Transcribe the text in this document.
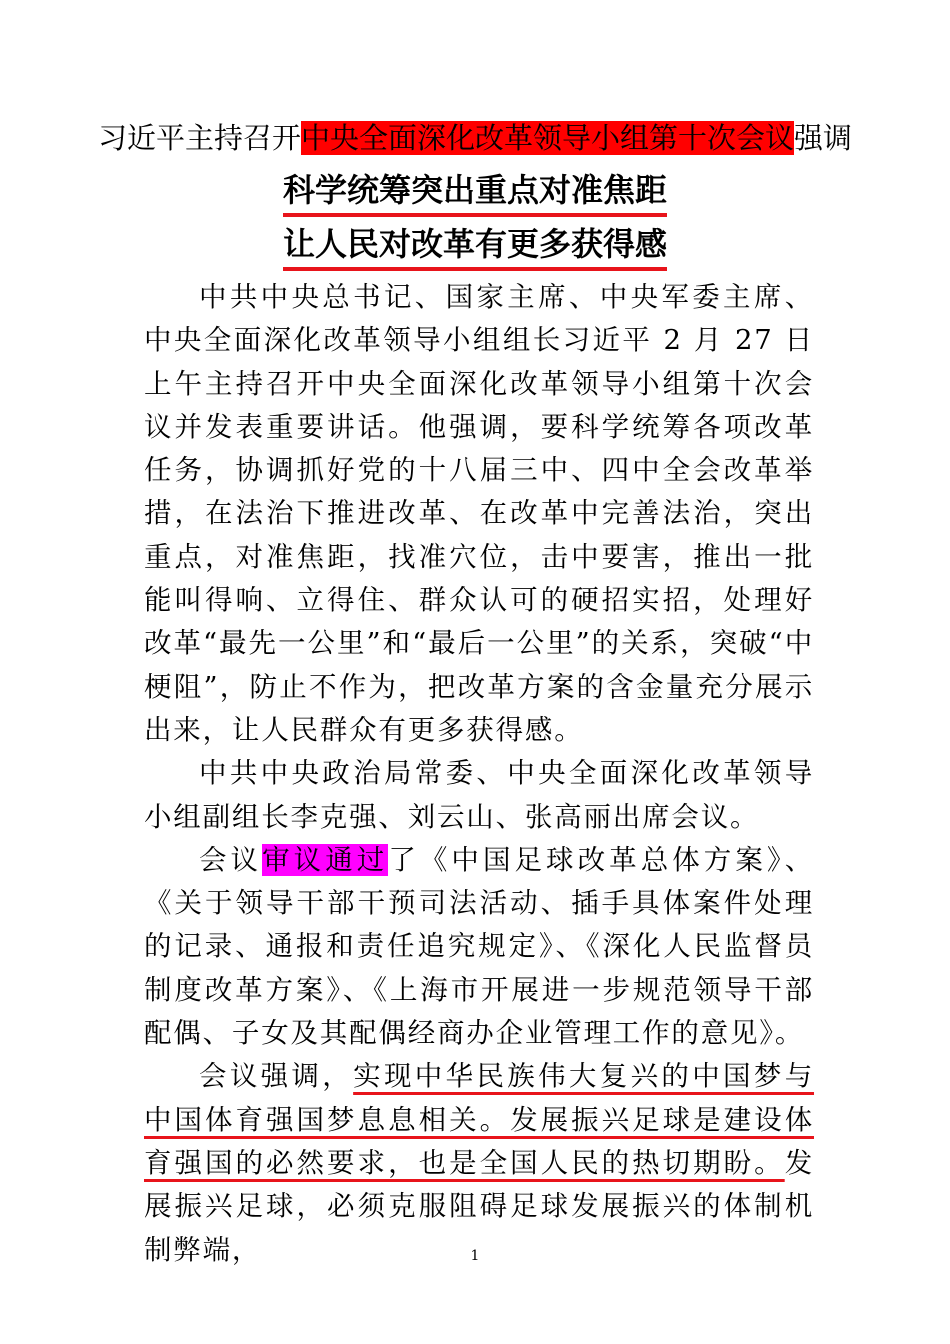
习近平主持召开中央全面深化改革领导小组第十次会议强调
科学统筹突出重点对准焦距
让人民对改革有更多获得感

中共中央总书记、国家主席、中央军委主席、中央全面深化改革领导小组组长习近平 2 月 27 日上午主持召开中央全面深化改革领导小组第十次会议并发表重要讲话。他强调，要科学统筹各项改革任务，协调抓好党的十八届三中、四中全会改革举措，在法治下推进改革、在改革中完善法治，突出重点，对准焦距，找准穴位，击中要害，推出一批能叫得响、立得住、群众认可的硬招实招，处理好改革“最先一公里”和“最后一公里”的关系，突破“中梗阻”，防止不作为，把改革方案的含金量充分展示出来，让人民群众有更多获得感。

中共中央政治局常委、中央全面深化改革领导小组副组长李克强、刘云山、张高丽出席会议。

会议审议通过了《中国足球改革总体方案》、《关于领导干部干预司法活动、插手具体案件处理的记录、通报和责任追究规定》、《深化人民监督员制度改革方案》、《上海市开展进一步规范领导干部配偶、子女及其配偶经商办企业管理工作的意见》。

会议强调，实现中华民族伟大复兴的中国梦与中国体育强国梦息息相关。发展振兴足球是建设体育强国的必然要求，也是全国人民的热切期盼。发展振兴足球，必须克服阻碍足球发展振兴的体制机制弊端，	1
